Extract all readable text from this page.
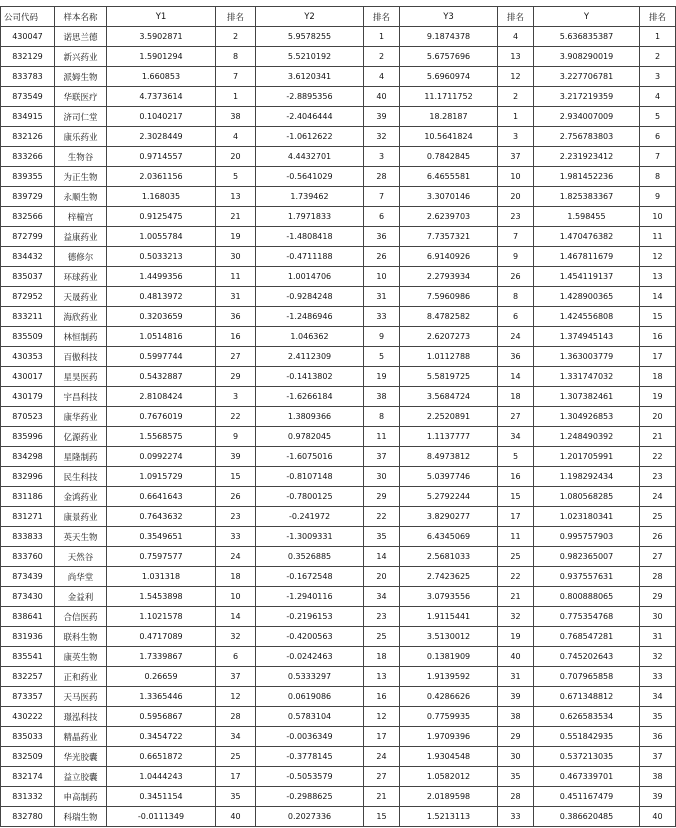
公司代码	样本名称	Y1	排名	Y2	排名	Y3	排名	Y	排名
430047	诺思兰德	3.5902871	2	5.9578255	1	9.1874378	4	5.636835387	1
832129	新兴药业	1.5901294	8	5.5210192	2	5.6757696	13	3.908290019	2
833783	派姆生物	1.660853	7	3.6120341	4	5.6960974	12	3.227706781	3
873549	华联医疗	4.7373614	1	-2.8895356	40	11.1711752	2	3.217219359	4
834915	济司仁堂	0.1040217	38	-2.4046444	39	18.28187	1	2.934007009	5
832126	康乐药业	2.3028449	4	-1.0612622	32	10.5641824	3	2.756783803	6
833266	生物谷	0.9714557	20	4.4432701	3	0.7842845	37	2.231923412	7
839355	为正生物	2.0361156	5	-0.5641029	28	6.4655581	10	1.981452236	8
839729	永顺生物	1.168035	13	1.739462	7	3.3070146	20	1.825383367	9
832566	梓橦宫	0.9125475	21	1.7971833	6	2.6239703	23	1.598455	10
872799	益康药业	1.0055784	19	-1.4808418	36	7.7357321	7	1.470476382	11
834432	德修尔	0.5033213	30	-0.4711188	26	6.9140926	9	1.467811679	12
835037	环球药业	1.4499356	11	1.0014706	10	2.2793934	26	1.454119137	13
872952	天晟药业	0.4813972	31	-0.9284248	31	7.5960986	8	1.428900365	14
833211	海欣药业	0.3203659	36	-1.2486946	33	8.4782582	6	1.424556808	15
835509	林恒制药	1.0514816	16	1.046362	9	2.6207273	24	1.374945143	16
430353	百傲科技	0.5997744	27	2.4112309	5	1.0112788	36	1.363003779	17
430017	星昊医药	0.5432887	29	-0.1413802	19	5.5819725	14	1.331747032	18
430179	宇昌科技	2.8108424	3	-1.6266184	38	3.5684724	18	1.307382461	19
870523	康华药业	0.7676019	22	1.3809366	8	2.2520891	27	1.304926853	20
835996	亿源药业	1.5568575	9	0.9782045	11	1.1137777	34	1.248490392	21
834298	星隆制药	0.0992274	39	-1.6075016	37	8.4973812	5	1.201705991	22
832996	民生科技	1.0915729	15	-0.8107148	30	5.0397746	16	1.198292434	23
831186	金鸿药业	0.6641643	26	-0.7800125	29	5.2792244	15	1.080568285	24
831271	康景药业	0.7643632	23	-0.241972	22	3.8290277	17	1.023180341	25
833833	英天生物	0.3549651	33	-1.3009331	35	6.4345069	11	0.995757903	26
833760	天然谷	0.7597577	24	0.3526885	14	2.5681033	25	0.982365007	27
873439	尚华堂	1.031318	18	-0.1672548	20	2.7423625	22	0.937557631	28
873430	金益利	1.5453898	10	-1.2940116	34	3.0793556	21	0.800888065	29
838641	合信医药	1.1021578	14	-0.2196153	23	1.9115441	32	0.775354768	30
831936	联科生物	0.4717089	32	-0.4200563	25	3.5130012	19	0.768547281	31
835541	康英生物	1.7339867	6	-0.0242463	18	0.1381909	40	0.745202643	32
832257	正和药业	0.26659	37	0.5333297	13	1.9139592	31	0.707965858	33
873357	天马医药	1.3365446	12	0.0619086	16	0.4286626	39	0.671348812	34
430222	璟泓科技	0.5956867	28	0.5783104	12	0.7759935	38	0.626583534	35
835033	精晶药业	0.3454722	34	-0.0036349	17	1.9709396	29	0.551842935	36
832509	华光胶囊	0.6651872	25	-0.3778145	24	1.9304548	30	0.537213035	37
832174	益立胶囊	1.0444243	17	-0.5053579	27	1.0582012	35	0.467339701	38
831332	申高制药	0.3451154	35	-0.2988625	21	2.0189598	28	0.451167479	39
832780	科瑞生物	-0.0111349	40	0.2027336	15	1.5213113	33	0.386620485	40
